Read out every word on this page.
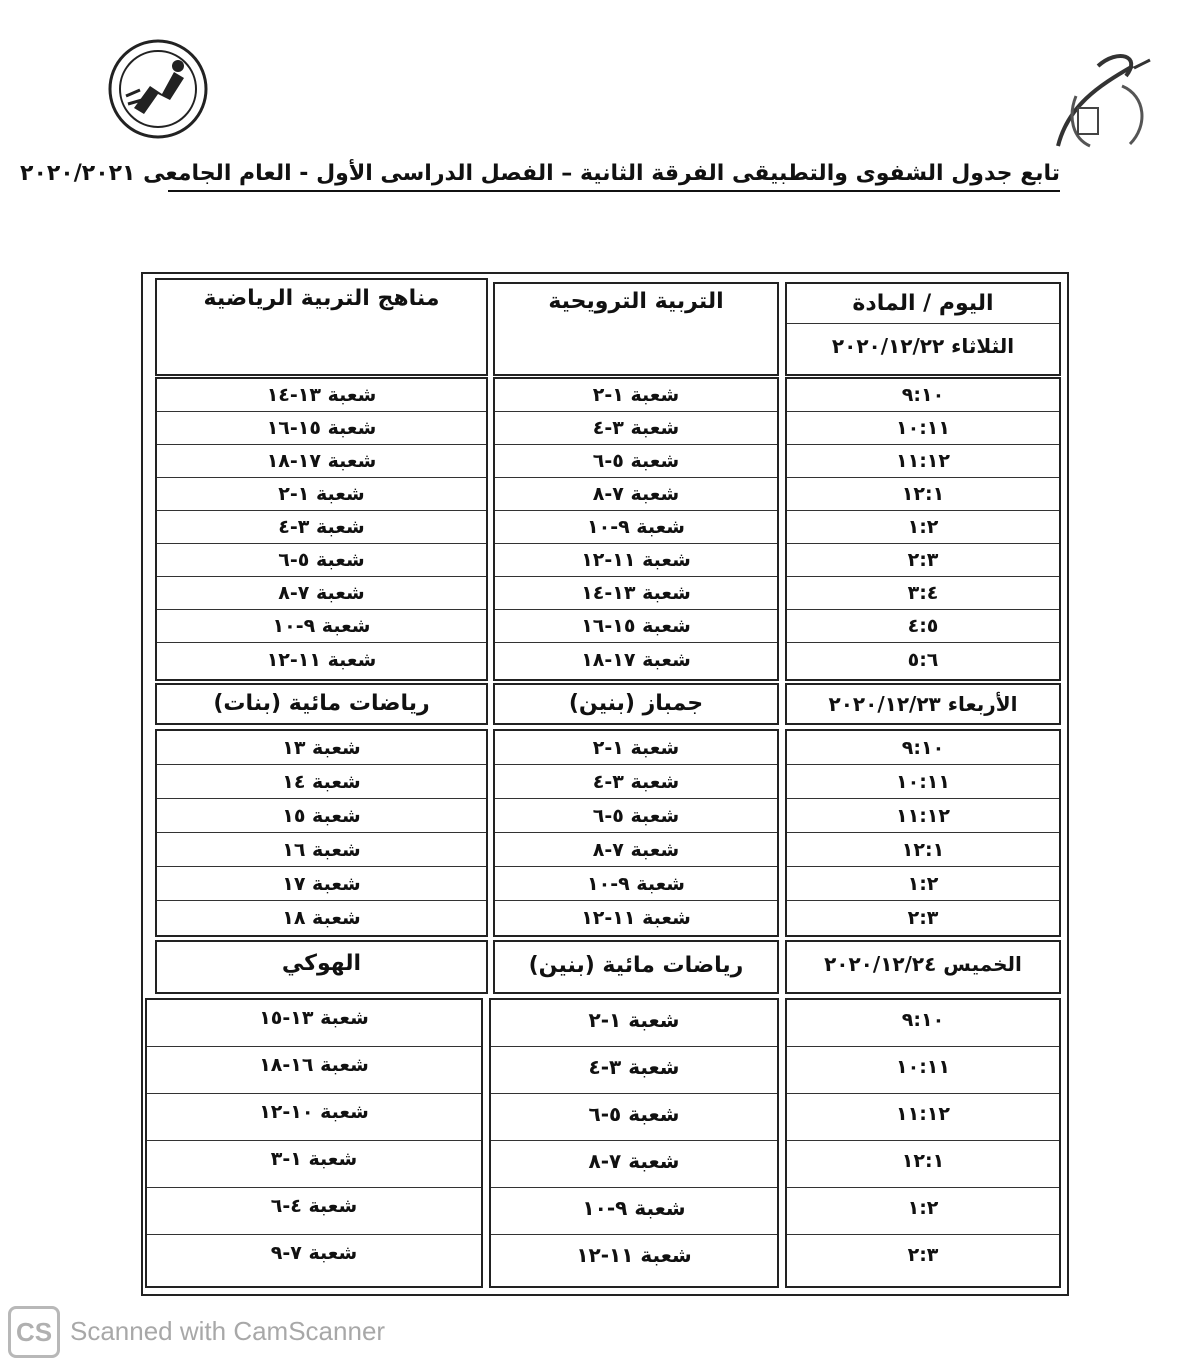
تابع جدول الشفوى والتطبيقى الفرقة الثانية – الفصل الدراسى الأول - العام الجامعى ٢٠٢٠/٢٠٢١
اليوم / المادة
الثلاثاء ٢٠٢٠/١٢/٢٢
التربية الترويحية
مناهج التربية الرياضية
٩:١٠
١٠:١١
١١:١٢
١٢:١
١:٢
٢:٣
٣:٤
٤:٥
٥:٦
شعبة ١-٢
شعبة ٣-٤
شعبة ٥-٦
شعبة ٧-٨
شعبة ٩-١٠
شعبة ١١-١٢
شعبة ١٣-١٤
شعبة ١٥-١٦
شعبة ١٧-١٨
شعبة ١٣-١٤
شعبة ١٥-١٦
شعبة ١٧-١٨
شعبة ١-٢
شعبة ٣-٤
شعبة ٥-٦
شعبة ٧-٨
شعبة ٩-١٠
شعبة ١١-١٢
الأربعاء ٢٠٢٠/١٢/٢٣
جمباز (بنين)
رياضات مائية (بنات)
٩:١٠
١٠:١١
١١:١٢
١٢:١
١:٢
٢:٣
شعبة ١-٢
شعبة ٣-٤
شعبة ٥-٦
شعبة ٧-٨
شعبة ٩-١٠
شعبة ١١-١٢
شعبة ١٣
شعبة ١٤
شعبة ١٥
شعبة ١٦
شعبة ١٧
شعبة ١٨
الخميس ٢٠٢٠/١٢/٢٤
رياضات مائية (بنين)
الهوكي
٩:١٠
١٠:١١
١١:١٢
١٢:١
١:٢
٢:٣
شعبة ١-٢
شعبة ٣-٤
شعبة ٥-٦
شعبة ٧-٨
شعبة ٩-١٠
شعبة ١١-١٢
شعبة ١٣-١٥
شعبة ١٦-١٨
شعبة ١٠-١٢
شعبة ١-٣
شعبة ٤-٦
شعبة ٧-٩
CS Scanned with CamScanner
